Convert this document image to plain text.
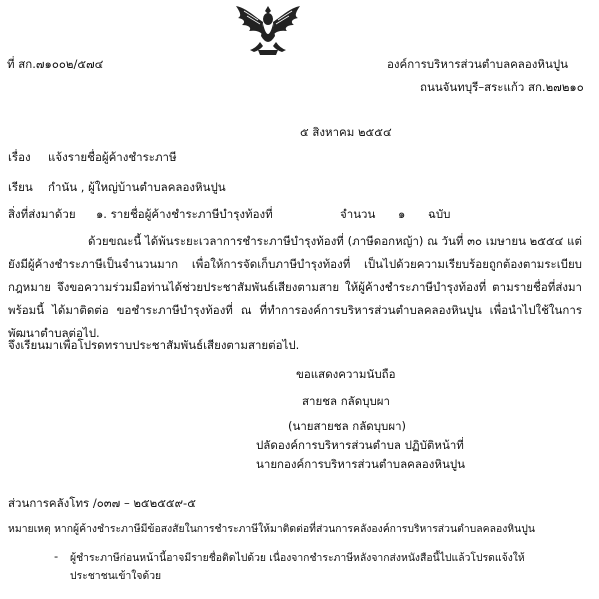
ที่ สก.๗๑๐๐๒/๕๗๔	องค์การบริหารส่วนตำบลคลองหินปูน
ถนนจันทบุรี–สระแก้ว สก.๒๗๒๑๐
๕ สิงหาคม ๒๕๕๔
เรื่อง แจ้งรายชื่อผู้ค้างชำระภาษี
เรียน กำนัน , ผู้ใหญ่บ้านตำบลคลองหินปูน
สิ่งที่ส่งมาด้วย ๑. รายชื่อผู้ค้างชำระภาษีบำรุงท้องที่	จำนวน ๑ ฉบับ
ด้วยขณะนี้ ได้พ้นระยะเวลาการชำระภาษีบำรุงท้องที่ (ภาษีดอกหญ้า) ณ วันที่ ๓๐ เมษายน ๒๕๕๔ แต่ยังมีผู้ค้างชำระภาษีเป็นจำนวนมาก เพื่อให้การจัดเก็บภาษีบำรุงท้องที่ เป็นไปด้วยความเรียบร้อยถูกต้องตามระเบียบกฎหมาย จึงขอความร่วมมือท่านได้ช่วยประชาสัมพันธ์เสียงตามสาย ให้ผู้ค้างชำระภาษีบำรุงท้องที่ ตามรายชื่อที่ส่งมาพร้อมนี้ ได้มาติดต่อ ขอชำระภาษีบำรุงท้องที่ ณ ที่ทำการองค์การบริหารส่วนตำบลคลองหินปูน เพื่อนำไปใช้ในการพัฒนาตำบลต่อไป.
จึงเรียนมาเพื่อโปรดทราบประชาสัมพันธ์เสียงตามสายต่อไป.
ขอแสดงความนับถือ
สายชล กลัดบุบผา
(นายสายชล กลัดบุบผา)
ปลัดองค์การบริหารส่วนตำบล ปฏิบัติหน้าที่
นายกองค์การบริหารส่วนตำบลคลองหินปูน
ส่วนการคลังโทร /๐๓๗ – ๒๕๒๕๕๙-๕
หมายเหตุ หากผู้ค้างชำระภาษีมีข้อสงสัยในการชำระภาษีให้มาติดต่อที่ส่วนการคลังองค์การบริหารส่วนตำบลคลองหินปูน
- ผู้ชำระภาษีก่อนหน้านี้อาจมีรายชื่อติดไปด้วย เนื่องจากชำระภาษีหลังจากส่งหนังสือนี้ไปแล้วโปรดแจ้งให้
ประชาชนเข้าใจด้วย
